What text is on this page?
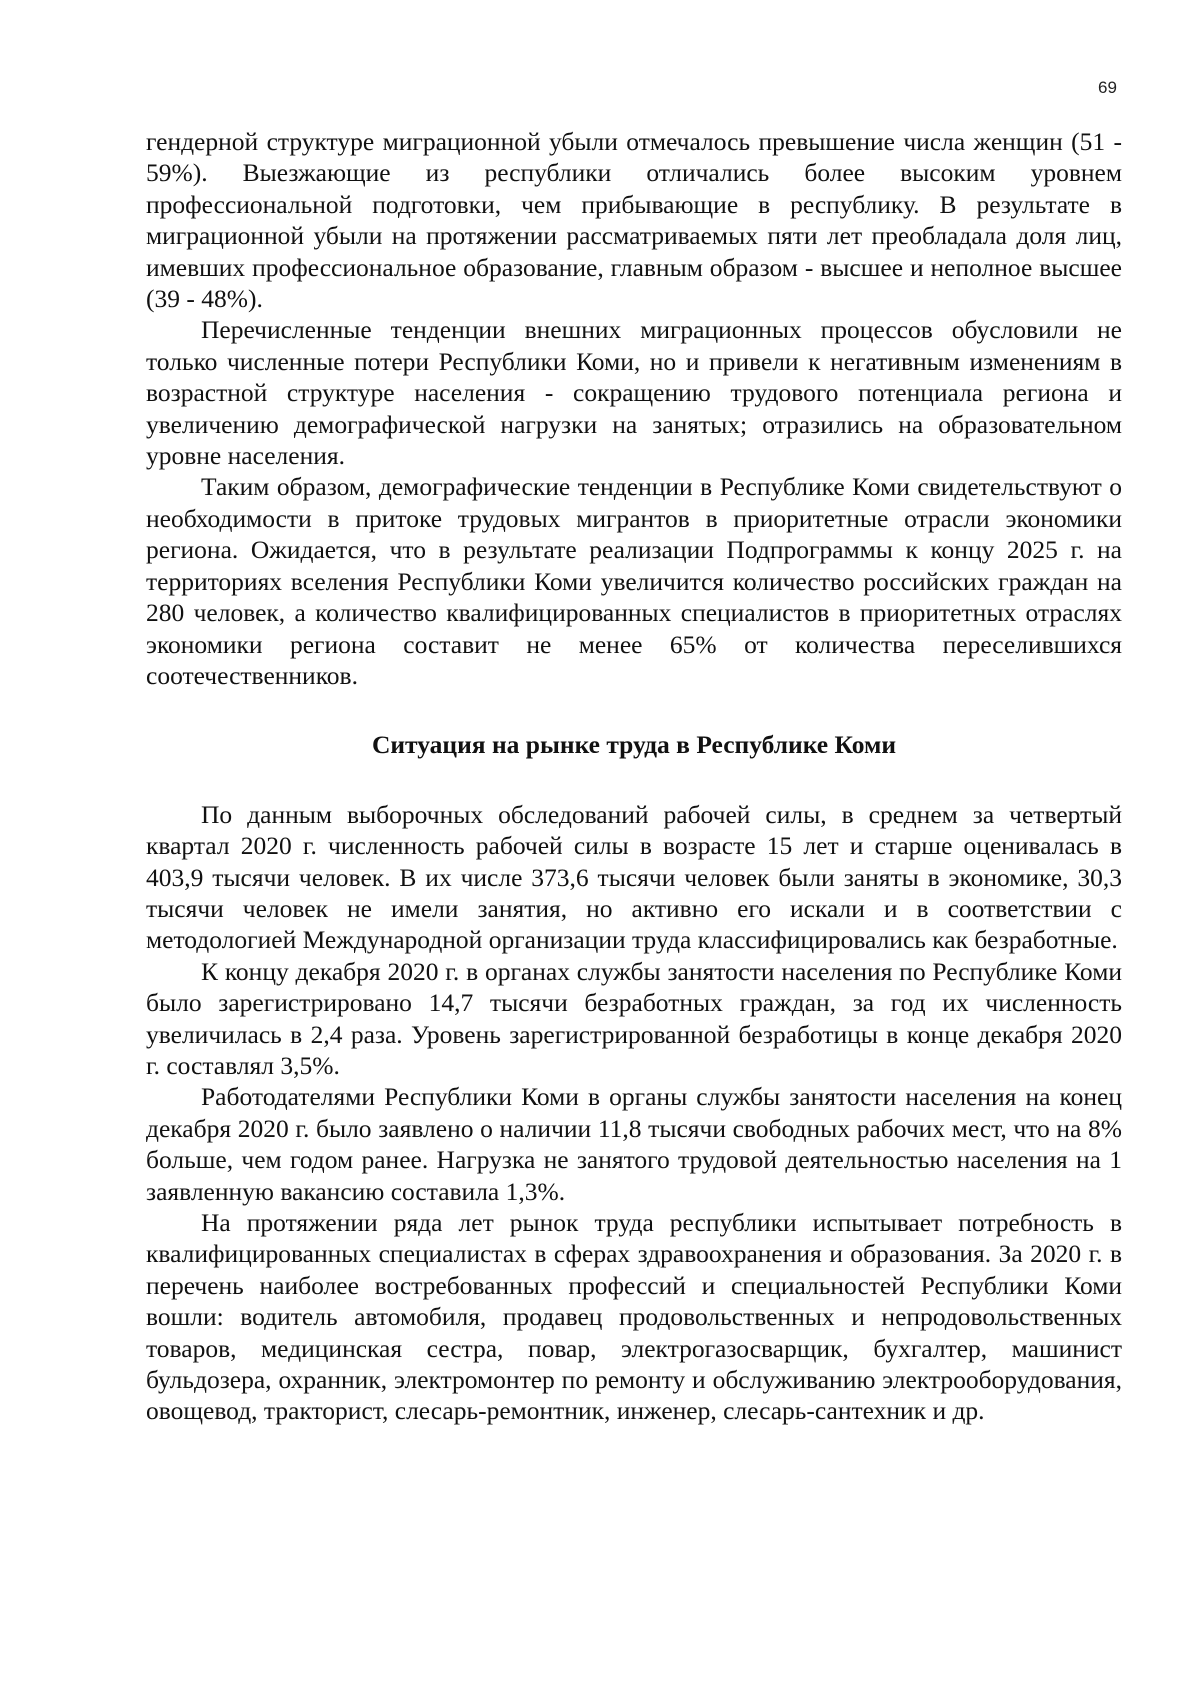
69

гендерной структуре миграционной убыли отмечалось превышение числа женщин (51 - 59%). Выезжающие из республики отличались более высоким уровнем профессиональной подготовки, чем прибывающие в республику. В результате в миграционной убыли на протяжении рассматриваемых пяти лет преобладала доля лиц, имевших профессиональное образование, главным образом - высшее и неполное высшее (39 - 48%).

Перечисленные тенденции внешних миграционных процессов обусловили не только численные потери Республики Коми, но и привели к негативным изменениям в возрастной структуре населения - сокращению трудового потенциала региона и увеличению демографической нагрузки на занятых; отразились на образовательном уровне населения.

Таким образом, демографические тенденции в Республике Коми свидетельствуют о необходимости в притоке трудовых мигрантов в приоритетные отрасли экономики региона. Ожидается, что в результате реализации Подпрограммы к концу 2025 г. на территориях вселения Республики Коми увеличится количество российских граждан на 280 человек, а количество квалифицированных специалистов в приоритетных отраслях экономики региона составит не менее 65% от количества переселившихся соотечественников.

Ситуация на рынке труда в Республике Коми

По данным выборочных обследований рабочей силы, в среднем за четвертый квартал 2020 г. численность рабочей силы в возрасте 15 лет и старше оценивалась в 403,9 тысячи человек. В их числе 373,6 тысячи человек были заняты в экономике, 30,3 тысячи человек не имели занятия, но активно его искали и в соответствии с методологией Международной организации труда классифицировались как безработные.

К концу декабря 2020 г. в органах службы занятости населения по Республике Коми было зарегистрировано 14,7 тысячи безработных граждан, за год их численность увеличилась в 2,4 раза. Уровень зарегистрированной безработицы в конце декабря 2020 г. составлял 3,5%.

Работодателями Республики Коми в органы службы занятости населения на конец декабря 2020 г. было заявлено о наличии 11,8 тысячи свободных рабочих мест, что на 8% больше, чем годом ранее. Нагрузка не занятого трудовой деятельностью населения на 1 заявленную вакансию составила 1,3%.

На протяжении ряда лет рынок труда республики испытывает потребность в квалифицированных специалистах в сферах здравоохранения и образования. За 2020 г. в перечень наиболее востребованных профессий и специальностей Республики Коми вошли: водитель автомобиля, продавец продовольственных и непродовольственных товаров, медицинская сестра, повар, электрогазосварщик, бухгалтер, машинист бульдозера, охранник, электромонтер по ремонту и обслуживанию электрооборудования, овощевод, тракторист, слесарь-ремонтник, инженер, слесарь-сантехник и др.
